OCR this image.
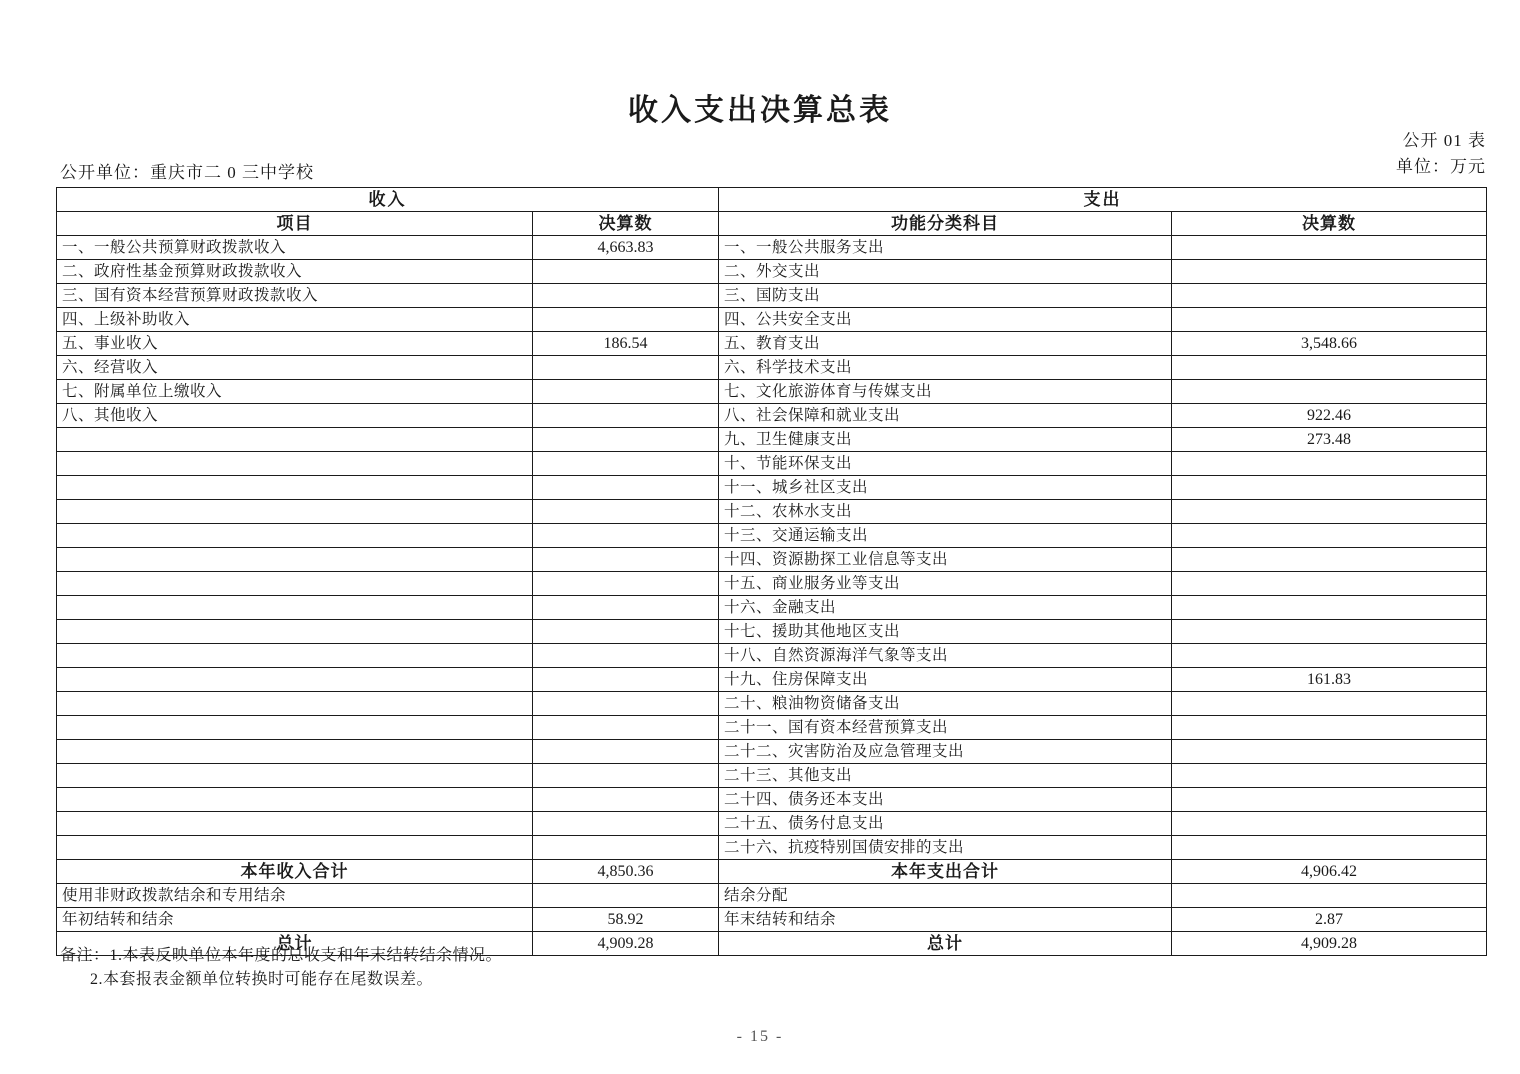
收入支出决算总表
公开 01 表
单位：万元
公开单位：重庆市二 0 三中学校
收入		支出	
项目	决算数	功能分类科目	决算数
一、一般公共预算财政拨款收入	4,663.83	一、一般公共服务支出	
二、政府性基金预算财政拨款收入		二、外交支出	
三、国有资本经营预算财政拨款收入		三、国防支出	
四、上级补助收入		四、公共安全支出	
五、事业收入	186.54	五、教育支出	3,548.66
六、经营收入		六、科学技术支出	
七、附属单位上缴收入		七、文化旅游体育与传媒支出	
八、其他收入		八、社会保障和就业支出	922.46
		九、卫生健康支出	273.48
		十、节能环保支出	
		十一、城乡社区支出	
		十二、农林水支出	
		十三、交通运输支出	
		十四、资源勘探工业信息等支出	
		十五、商业服务业等支出	
		十六、金融支出	
		十七、援助其他地区支出	
		十八、自然资源海洋气象等支出	
		十九、住房保障支出	161.83
		二十、粮油物资储备支出	
		二十一、国有资本经营预算支出	
		二十二、灾害防治及应急管理支出	
		二十三、其他支出	
		二十四、债务还本支出	
		二十五、债务付息支出	
		二十六、抗疫特别国债安排的支出	
本年收入合计	4,850.36	本年支出合计	4,906.42
使用非财政拨款结余和专用结余		结余分配	
年初结转和结余	58.92	年末结转和结余	2.87
总计	4,909.28	总计	4,909.28
备注：1.本表反映单位本年度的总收支和年末结转结余情况。
2.本套报表金额单位转换时可能存在尾数误差。
- 15 -
